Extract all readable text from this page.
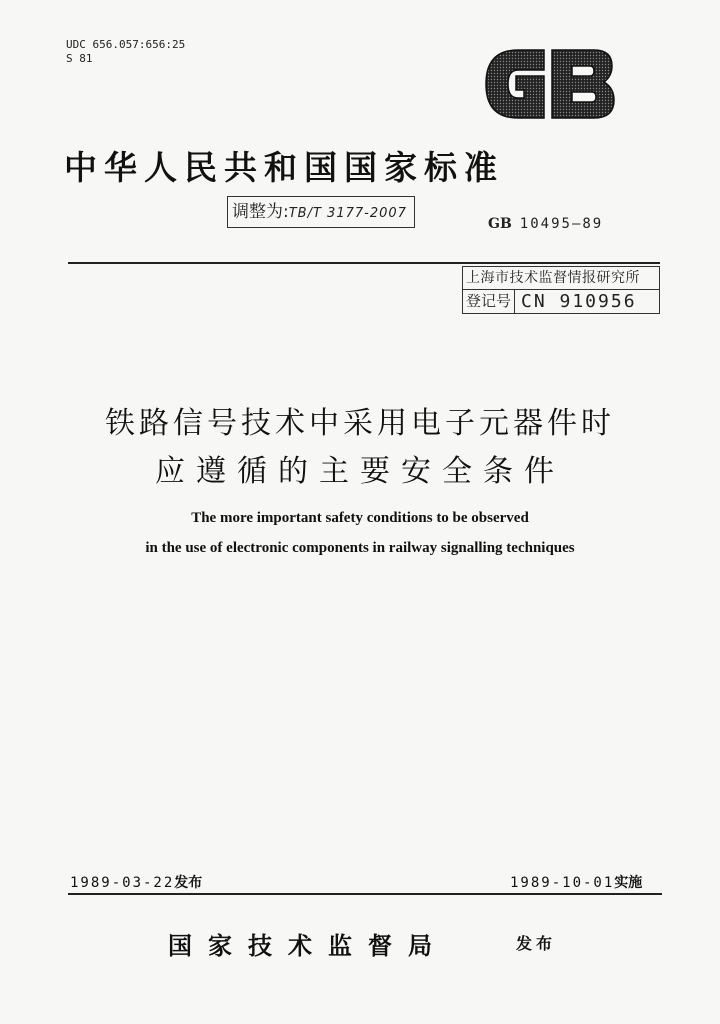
UDC 656.057:656:25
S 81
中华人民共和国国家标准
调整为:TB/T 3177-2007
GB 10495—89
上海市技术监督情报研究所
登记号 CN 910956
铁路信号技术中采用电子元器件时
应遵循的主要安全条件
The more important safety conditions to be observed
in the use of electronic components in railway signalling techniques
1989-03-22发布	1989-10-01实施
国家技术监督局	发布
